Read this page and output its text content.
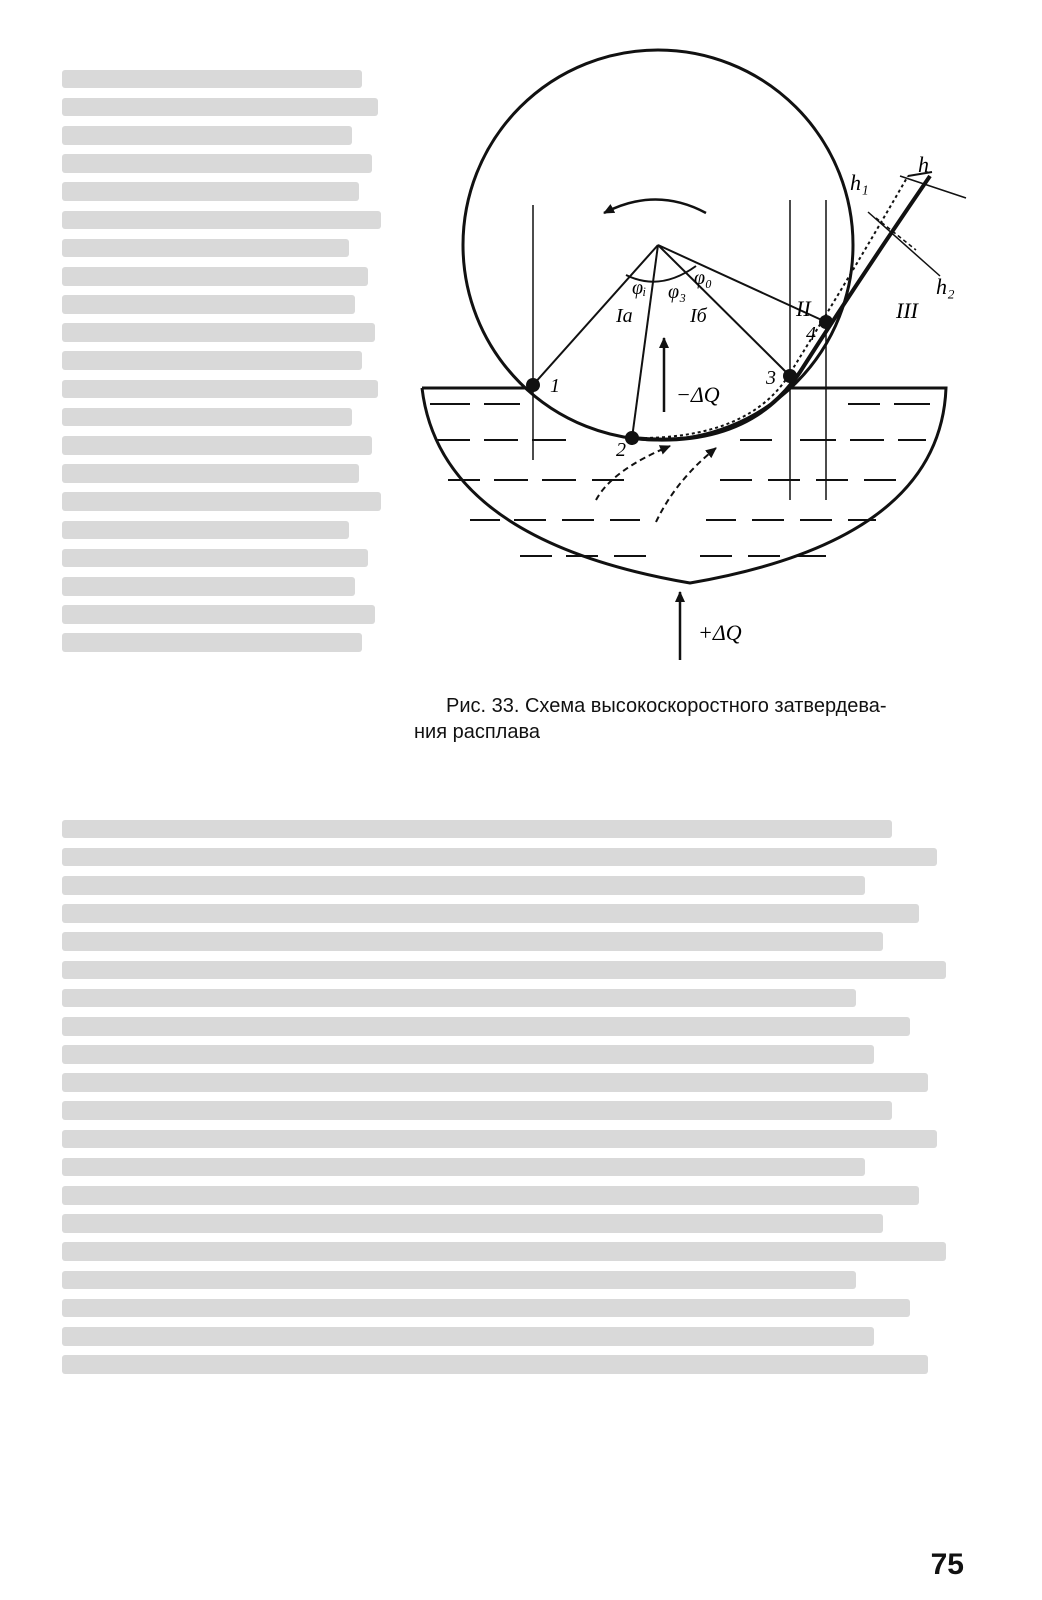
h₁
h
h₂
φᵢ φ₃
φ₀
Iа	Iб	II	III
1
2
3
4
−ΔQ
+ΔQ
Рис. 33. Схема высокоскоростного затвердева-
ния расплава
75
